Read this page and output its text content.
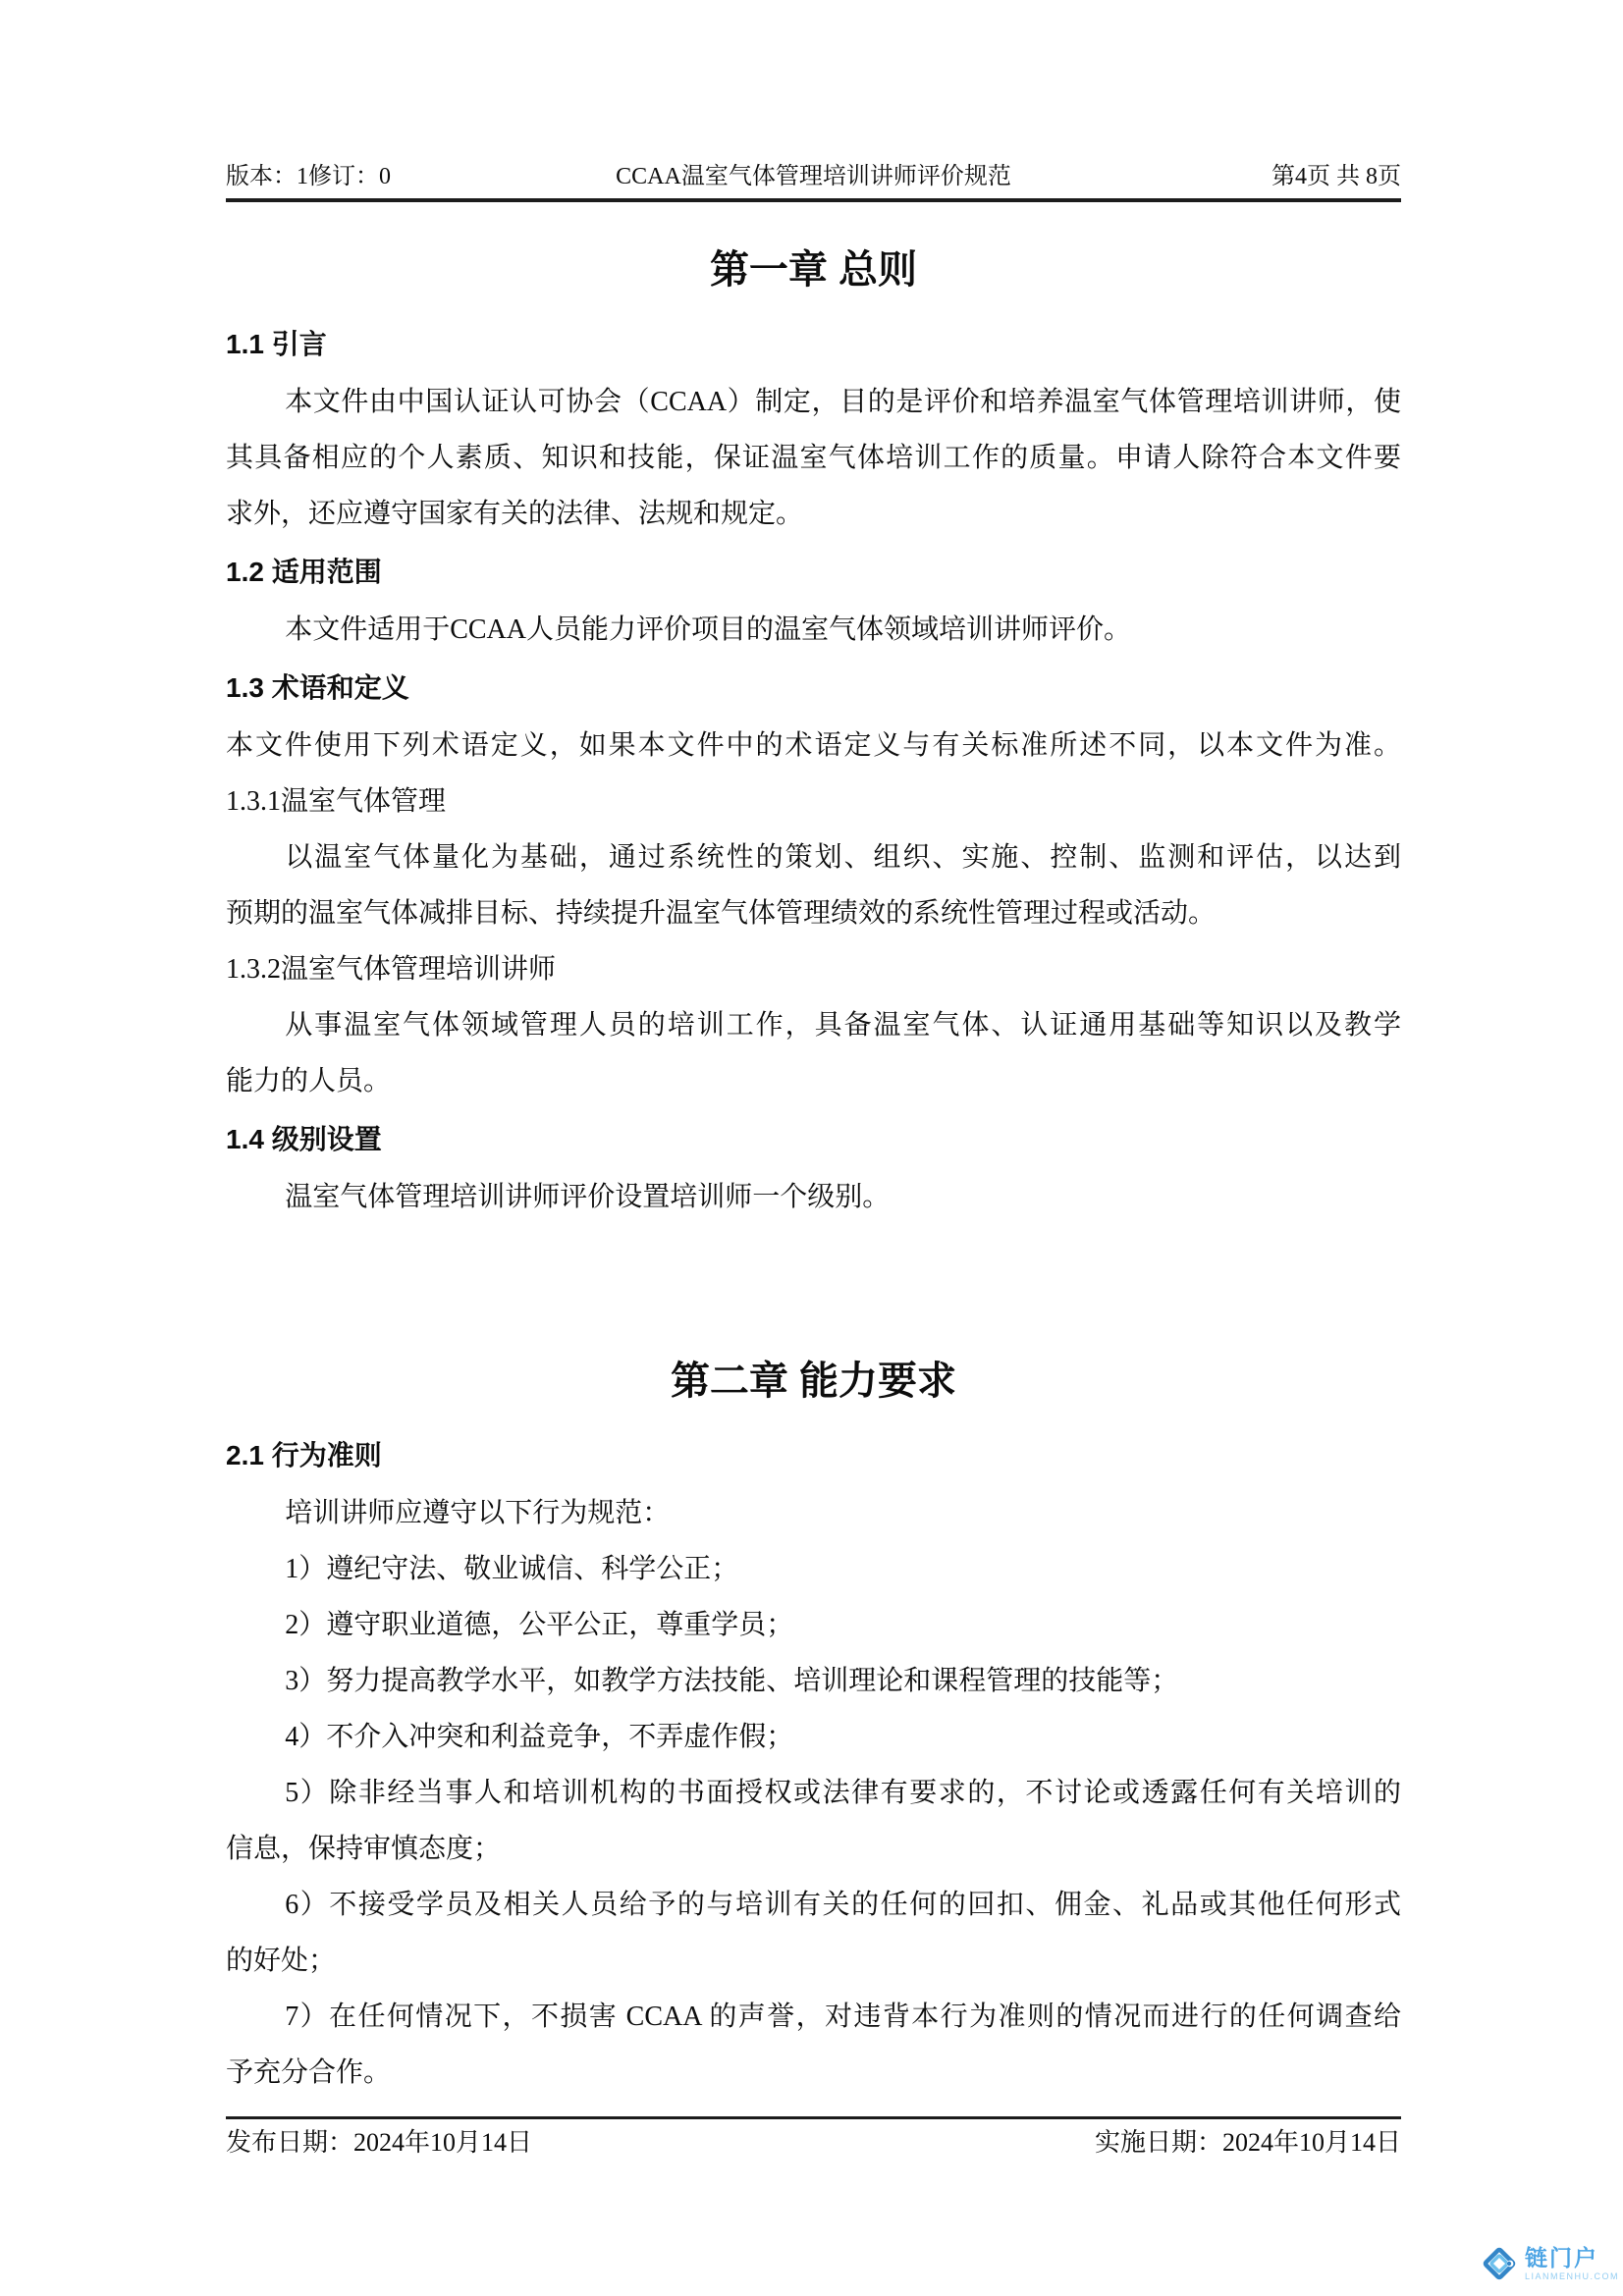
版本：1修订：0	CCAA温室气体管理培训讲师评价规范	第4页 共 8页
第一章 总则
1.1 引言
本文件由中国认证认可协会（CCAA）制定，目的是评价和培养温室气体管理培训讲师，使
其具备相应的个人素质、知识和技能，保证温室气体培训工作的质量。申请人除符合本文件要
求外，还应遵守国家有关的法律、法规和规定。
1.2 适用范围
本文件适用于CCAA人员能力评价项目的温室气体领域培训讲师评价。
1.3 术语和定义
本文件使用下列术语定义，如果本文件中的术语定义与有关标准所述不同，以本文件为准。
1.3.1温室气体管理
以温室气体量化为基础，通过系统性的策划、组织、实施、控制、监测和评估，以达到
预期的温室气体减排目标、持续提升温室气体管理绩效的系统性管理过程或活动。
1.3.2温室气体管理培训讲师
从事温室气体领域管理人员的培训工作，具备温室气体、认证通用基础等知识以及教学
能力的人员。
1.4 级别设置
温室气体管理培训讲师评价设置培训师一个级别。
第二章 能力要求
2.1 行为准则
培训讲师应遵守以下行为规范：
1）遵纪守法、敬业诚信、科学公正；
2）遵守职业道德，公平公正，尊重学员；
3）努力提高教学水平，如教学方法技能、培训理论和课程管理的技能等；
4）不介入冲突和利益竞争，不弄虚作假；
5）除非经当事人和培训机构的书面授权或法律有要求的，不讨论或透露任何有关培训的
信息，保持审慎态度；
6）不接受学员及相关人员给予的与培训有关的任何的回扣、佣金、礼品或其他任何形式
的好处；
7）在任何情况下，不损害 CCAA 的声誉，对违背本行为准则的情况而进行的任何调查给
予充分合作。
发布日期：2024年10月14日	实施日期：2024年10月14日
链门户
LIANMENHU.COM
